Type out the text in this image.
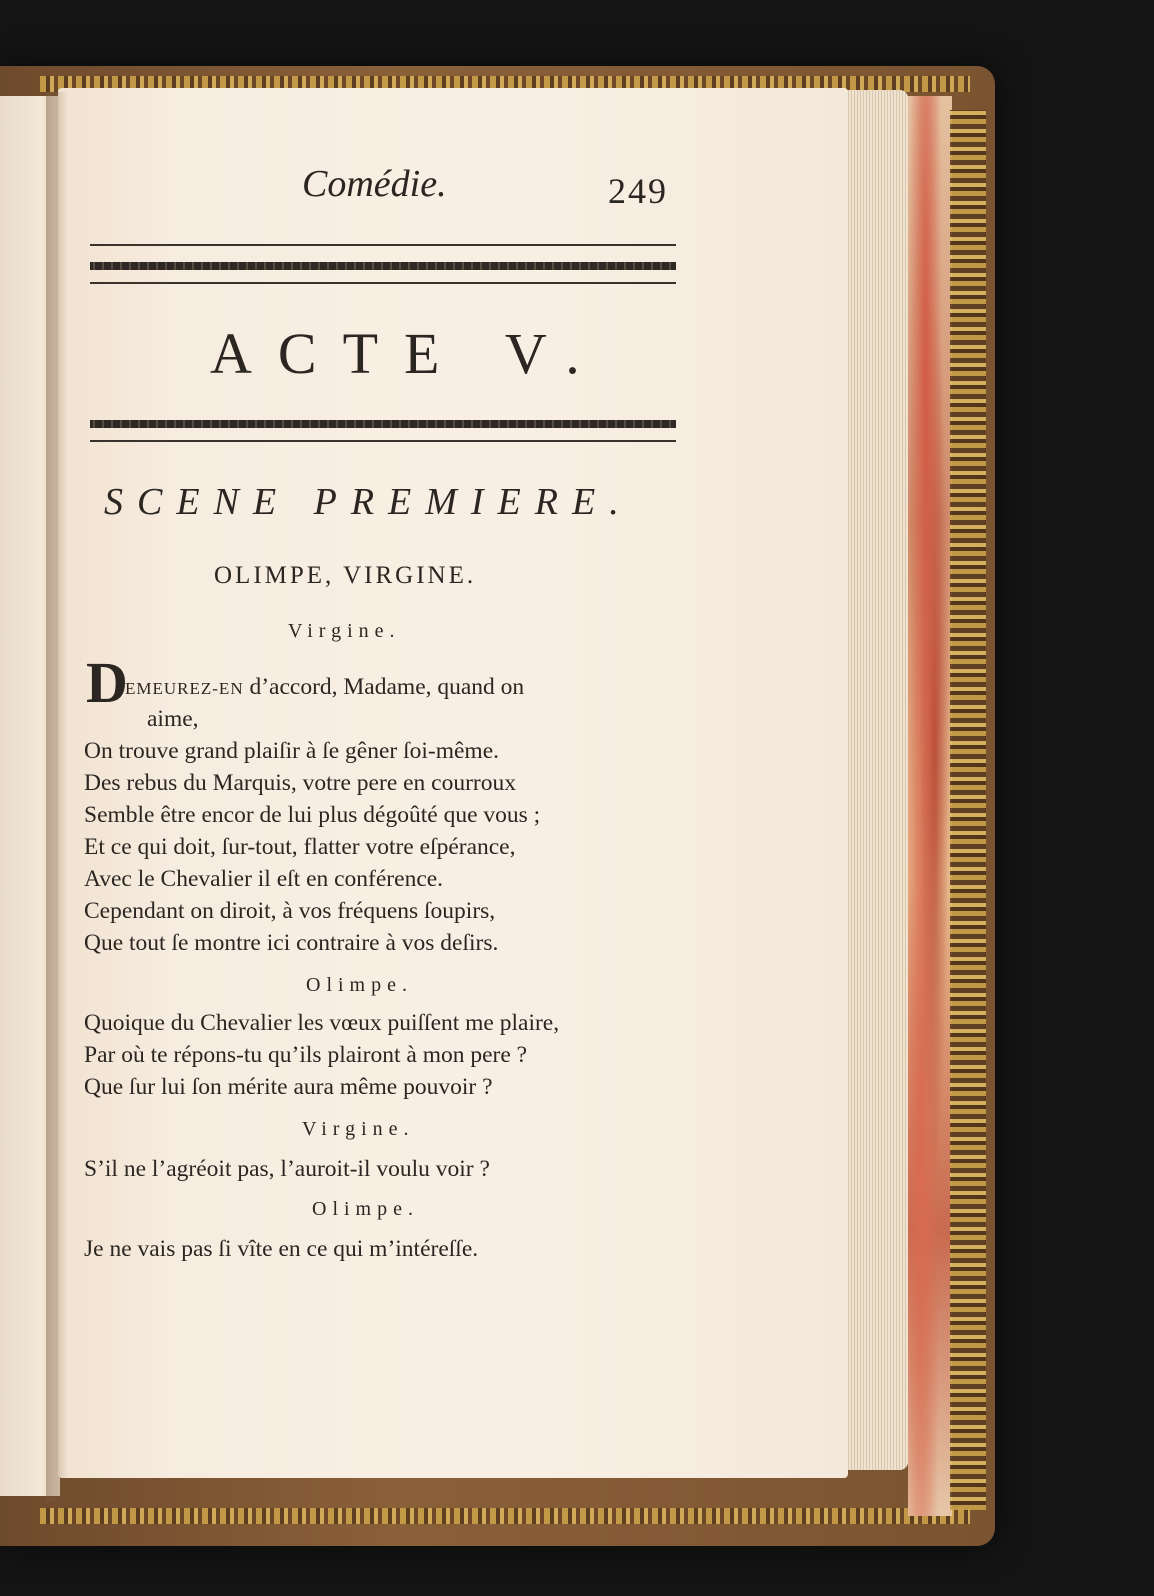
Comédie.	249
ACTE V.
SCENE PREMIERE.
OLIMPE, VIRGINE.
Virgine.
D
EMEUREZ-EN d’accord, Madame, quand on
aime,
On trouve grand plaiſir à ſe gêner ſoi-même.
Des rebus du Marquis, votre pere en courroux
Semble être encor de lui plus dégoûté que vous ;
Et ce qui doit, ſur-tout, flatter votre eſpérance,
Avec le Chevalier il eſt en conférence.
Cependant on diroit, à vos fréquens ſoupirs,
Que tout ſe montre ici contraire à vos deſirs.
Olimpe.
Quoique du Chevalier les vœux puiſſent me plaire,
Par où te répons-tu qu’ils plairont à mon pere ?
Que ſur lui ſon mérite aura même pouvoir ?
Virgine.
S’il ne l’agréoit pas, l’auroit-il voulu voir ?
Olimpe.
Je ne vais pas ſi vîte en ce qui m’intéreſſe.
